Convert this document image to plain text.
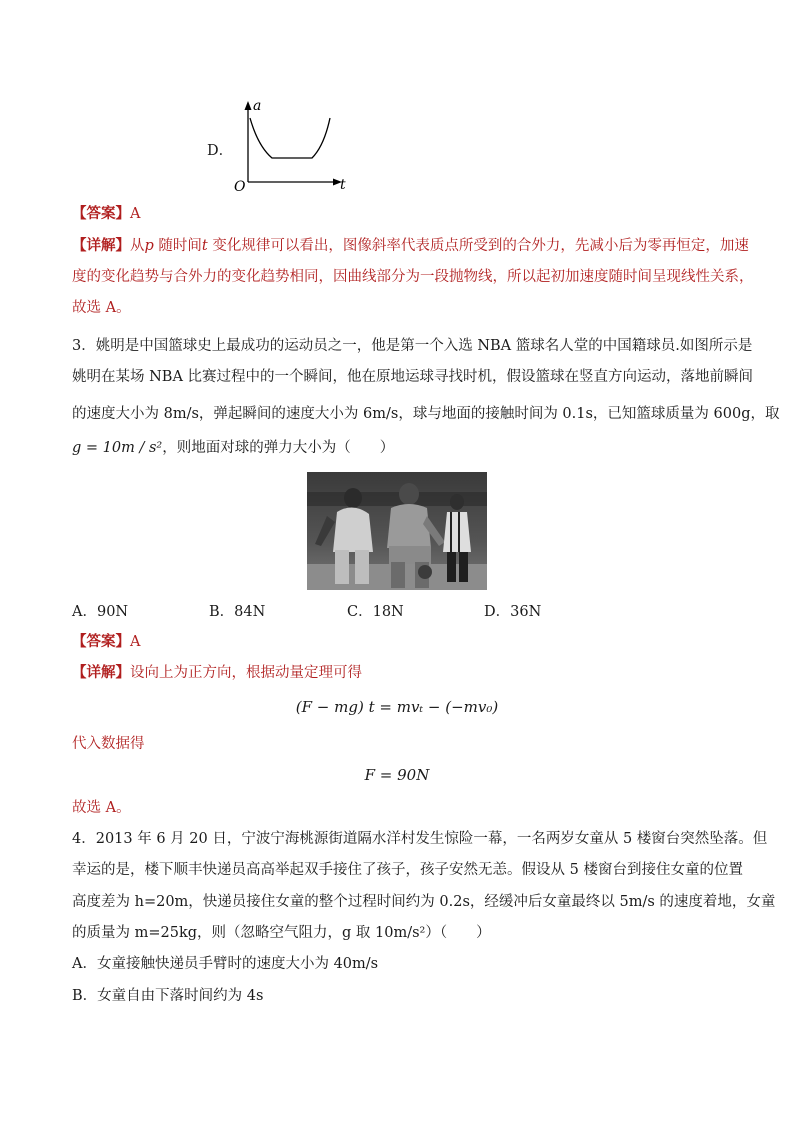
D．
a
t
O
【答案】A
【详解】从p 随时间t 变化规律可以看出，图像斜率代表质点所受到的合外力，先减小后为零再恒定，加速
度的变化趋势与合外力的变化趋势相同，因曲线部分为一段抛物线，所以起初加速度随时间呈现线性关系，
故选 A。
3．姚明是中国篮球史上最成功的运动员之一，他是第一个入选 NBA 篮球名人堂的中国籍球员.如图所示是
姚明在某场 NBA 比赛过程中的一个瞬间，他在原地运球寻找时机，假设篮球在竖直方向运动，落地前瞬间
的速度大小为 8m/s，弹起瞬间的速度大小为 6m/s，球与地面的接触时间为 0.1s，已知篮球质量为 600g，取
g = 10m / s²，则地面对球的弹力大小为（　　）
A．90N	B．84N	C．18N	D．36N
【答案】A
【详解】设向上为正方向，根据动量定理可得
(F − mg) t = mvₜ − (−mv₀)
代入数据得
F = 90N
故选 A。
4．2013 年 6 月 20 日，宁波宁海桃源街道隔水洋村发生惊险一幕，一名两岁女童从 5 楼窗台突然坠落。但
幸运的是，楼下顺丰快递员高高举起双手接住了孩子，孩子安然无恙。假设从 5 楼窗台到接住女童的位置
高度差为 h=20m，快递员接住女童的整个过程时间约为 0.2s，经缓冲后女童最终以 5m/s 的速度着地，女童
的质量为 m=25kg，则（忽略空气阻力，g 取 10m/s²）（　　）
A．女童接触快递员手臂时的速度大小为 40m/s
B．女童自由下落时间约为 4s
